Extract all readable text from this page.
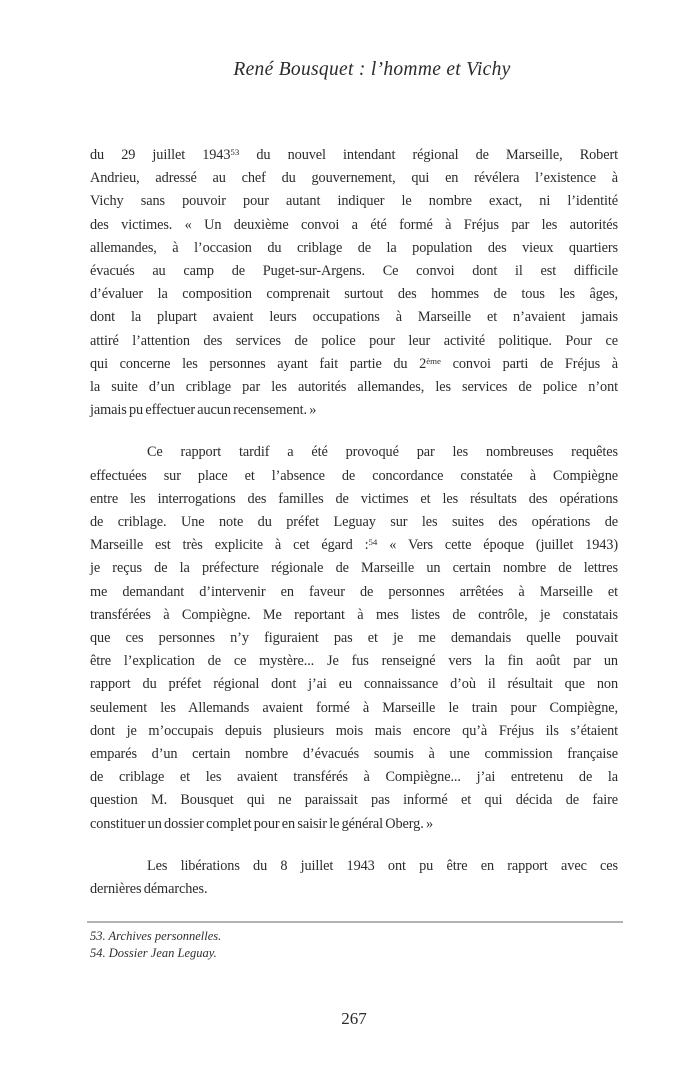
René Bousquet : l’homme et Vichy
du 29 juillet 1943$^{53}$ du nouvel intendant régional de Marseille, Robert
Andrieu, adressé au chef du gouvernement, qui en révélera l’existence à
Vichy sans pouvoir pour autant indiquer le nombre exact, ni l’identité
des victimes. « Un deuxième convoi a été formé à Fréjus par les autorités
allemandes, à l’occasion du criblage de la population des vieux quartiers
évacués au camp de Puget-sur-Argens. Ce convoi dont il est difficile
d’évaluer la composition comprenait surtout des hommes de tous les âges,
dont la plupart avaient leurs occupations à Marseille et n’avaient jamais
attiré l’attention des services de police pour leur activité politique. Pour ce
qui concerne les personnes ayant fait partie du 2ème convoi parti de Fréjus à
la suite d’un criblage par les autorités allemandes, les services de police n’ont
jamais pu effectuer aucun recensement. »
Ce rapport tardif a été provoqué par les nombreuses requêtes
effectuées sur place et l’absence de concordance constatée à Compiègne
entre les interrogations des familles de victimes et les résultats des opérations
de criblage. Une note du préfet Leguay sur les suites des opérations de
Marseille est très explicite à cet égard :$^{54}$ « Vers cette époque (juillet 1943)
je reçus de la préfecture régionale de Marseille un certain nombre de lettres
me demandant d’intervenir en faveur de personnes arrêtées à Marseille et
transférées à Compiègne. Me reportant à mes listes de contrôle, je constatais
que ces personnes n’y figuraient pas et je me demandais quelle pouvait
être l’explication de ce mystère... Je fus renseigné vers la fin août par un
rapport du préfet régional dont j’ai eu connaissance d’où il résultait que non
seulement les Allemands avaient formé à Marseille le train pour Compiègne,
dont je m’occupais depuis plusieurs mois mais encore qu’à Fréjus ils s’étaient
emparés d’un certain nombre d’évacués soumis à une commission française
de criblage et les avaient transférés à Compiègne... j’ai entretenu de la
question M. Bousquet qui ne paraissait pas informé et qui décida de faire
constituer un dossier complet pour en saisir le général Oberg. »
Les libérations du 8 juillet 1943 ont pu être en rapport avec ces
dernières démarches.
53. Archives personnelles.
54. Dossier Jean Leguay.
267
